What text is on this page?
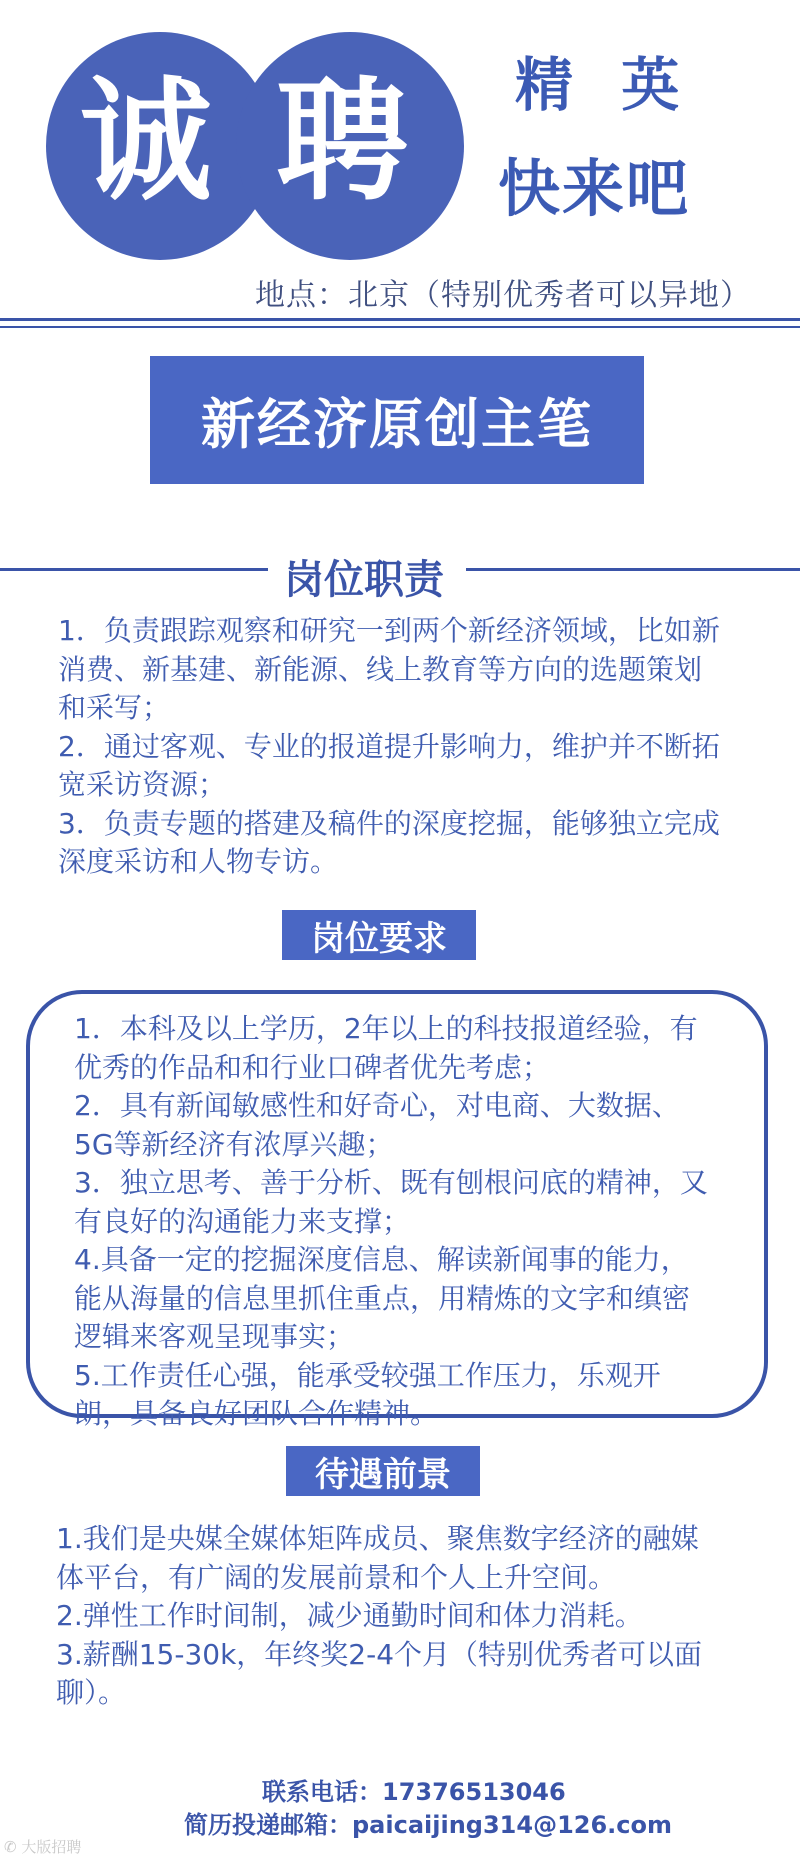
诚 聘 精 英
快来吧
地点：北京（特别优秀者可以异地）
新经济原创主笔
岗位职责

1．负责跟踪观察和研究一到两个新经济领域，比如新消费、新基建、新能源、线上教育等方向的选题策划和采写；

2．通过客观、专业的报道提升影响力，维护并不断拓宽采访资源；

3．负责专题的搭建及稿件的深度挖掘，能够独立完成深度采访和人物专访。

岗位要求

1．本科及以上学历，2年以上的科技报道经验，有优秀的作品和和行业口碑者优先考虑；

2．具有新闻敏感性和好奇心，对电商、大数据、5G等新经济有浓厚兴趣；

3．独立思考、善于分析、既有刨根问底的精神，又有良好的沟通能力来支撑；

4.具备一定的挖掘深度信息、解读新闻事的能力，能从海量的信息里抓住重点，用精炼的文字和缜密逻辑来客观呈现事实；

5.工作责任心强，能承受较强工作压力，乐观开朗，具备良好团队合作精神。

待遇前景

1.我们是央媒全媒体矩阵成员、聚焦数字经济的融媒体平台，有广阔的发展前景和个人上升空间。

2.弹性工作时间制，减少通勤时间和体力消耗。

3.薪酬15-30k，年终奖2-4个月（特别优秀者可以面聊）。

联系电话：17376513046
简历投递邮箱：paicaijing314@126.com
✆ 大版招聘
